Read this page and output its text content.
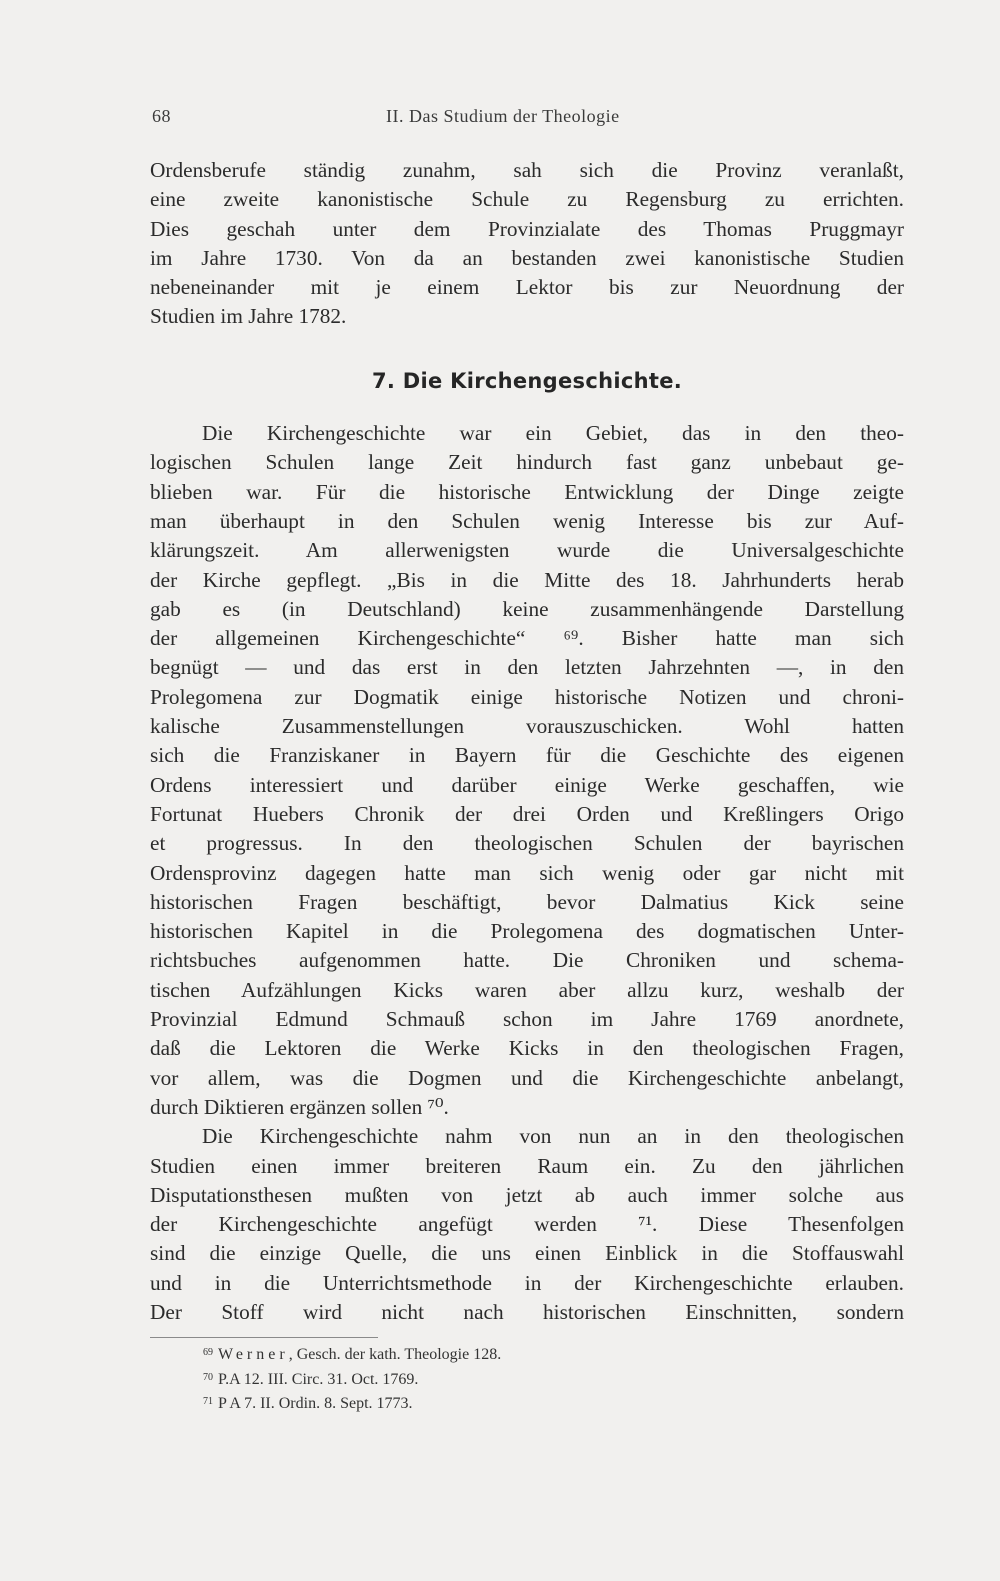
68	II. Das Studium der Theologie
Ordensberufe ständig zunahm, sah sich die Provinz veranlaßt,
eine zweite kanonistische Schule zu Regensburg zu errichten.
Dies geschah unter dem Provinzialate des Thomas Pruggmayr
im Jahre 1730. Von da an bestanden zwei kanonistische Studien
nebeneinander mit je einem Lektor bis zur Neuordnung der
Studien im Jahre 1782.
7. Die Kirchengeschichte.
Die Kirchengeschichte war ein Gebiet, das in den theo-
logischen Schulen lange Zeit hindurch fast ganz unbebaut ge-
blieben war. Für die historische Entwicklung der Dinge zeigte
man überhaupt in den Schulen wenig Interesse bis zur Auf-
klärungszeit. Am allerwenigsten wurde die Universalgeschichte
der Kirche gepflegt. „Bis in die Mitte des 18. Jahrhunderts herab
gab es (in Deutschland) keine zusammenhängende Darstellung
der allgemeinen Kirchengeschichte“ ⁶⁹. Bisher hatte man sich
begnügt — und das erst in den letzten Jahrzehnten —, in den
Prolegomena zur Dogmatik einige historische Notizen und chroni-
kalische Zusammenstellungen vorauszuschicken. Wohl hatten
sich die Franziskaner in Bayern für die Geschichte des eigenen
Ordens interessiert und darüber einige Werke geschaffen, wie
Fortunat Huebers Chronik der drei Orden und Kreßlingers Origo
et progressus. In den theologischen Schulen der bayrischen
Ordensprovinz dagegen hatte man sich wenig oder gar nicht mit
historischen Fragen beschäftigt, bevor Dalmatius Kick seine
historischen Kapitel in die Prolegomena des dogmatischen Unter-
richtsbuches aufgenommen hatte. Die Chroniken und schema-
tischen Aufzählungen Kicks waren aber allzu kurz, weshalb der
Provinzial Edmund Schmauß schon im Jahre 1769 anordnete,
daß die Lektoren die Werke Kicks in den theologischen Fragen,
vor allem, was die Dogmen und die Kirchengeschichte anbelangt,
durch Diktieren ergänzen sollen ⁷⁰.
Die Kirchengeschichte nahm von nun an in den theologischen
Studien einen immer breiteren Raum ein. Zu den jährlichen
Disputationsthesen mußten von jetzt ab auch immer solche aus
der Kirchengeschichte angefügt werden ⁷¹. Diese Thesenfolgen
sind die einzige Quelle, die uns einen Einblick in die Stoffauswahl
und in die Unterrichtsmethode in der Kirchengeschichte erlauben.
Der Stoff wird nicht nach historischen Einschnitten, sondern
$^{69}$ Werner, Gesch. der kath. Theologie 128.
$^{70}$ P.A 12. III. Circ. 31. Oct. 1769.
$^{71}$ P A 7. II. Ordin. 8. Sept. 1773.
